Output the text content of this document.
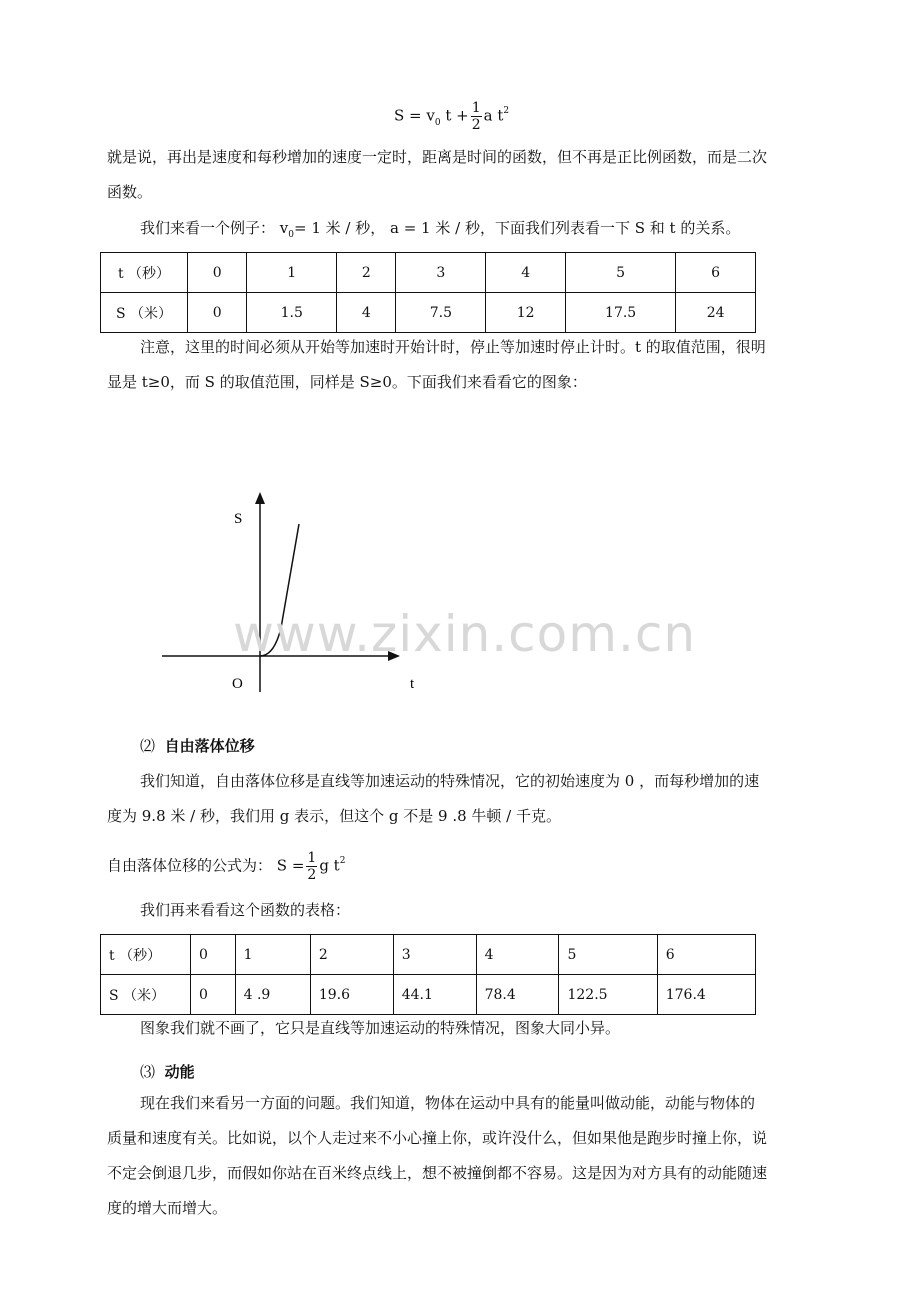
$S = v_0$ $t + \frac{1}{2}$ a $t^2$
就是说，再出是速度和每秒增加的速度一定时，距离是时间的函数，但不再是正比例函数，而是二次
函数。
我们来看一个例子： $v_0= 1$ 米 / 秒， a = 1 米 / 秒，下面我们列表看一下 S 和 t 的关系。
t （秒）	0	1	2	3	4	5	6
S （米）	0	1.5	4	7.5	12	17.5	24
注意，这里的时间必须从开始等加速时开始计时，停止等加速时停止计时。t 的取值范围，很明
显是 t≥0，而 S 的取值范围，同样是 S≥0。下面我们来看看它的图象：
S
O	t
www.zixin.com.cn
⑵ 自由落体位移
我们知道，自由落体位移是直线等加速运动的特殊情况，它的初始速度为 0 ，而每秒增加的速
度为 9.8 米 / 秒，我们用 g 表示，但这个 g 不是 9 .8 牛顿 / 千克。
自由落体位移的公式为： $S = \frac{1}{2}$ g $t^2$
我们再来看看这个函数的表格：
t （秒）	0	1	2	3	4	5	6
S （米）	0	4 .9	19.6	44.1	78.4	122.5	176.4
图象我们就不画了，它只是直线等加速运动的特殊情况，图象大同小异。
⑶ 动能
现在我们来看另一方面的问题。我们知道，物体在运动中具有的能量叫做动能，动能与物体的
质量和速度有关。比如说，以个人走过来不小心撞上你，或许没什么，但如果他是跑步时撞上你，说
不定会倒退几步，而假如你站在百米终点线上，想不被撞倒都不容易。这是因为对方具有的动能随速
度的增大而增大。
